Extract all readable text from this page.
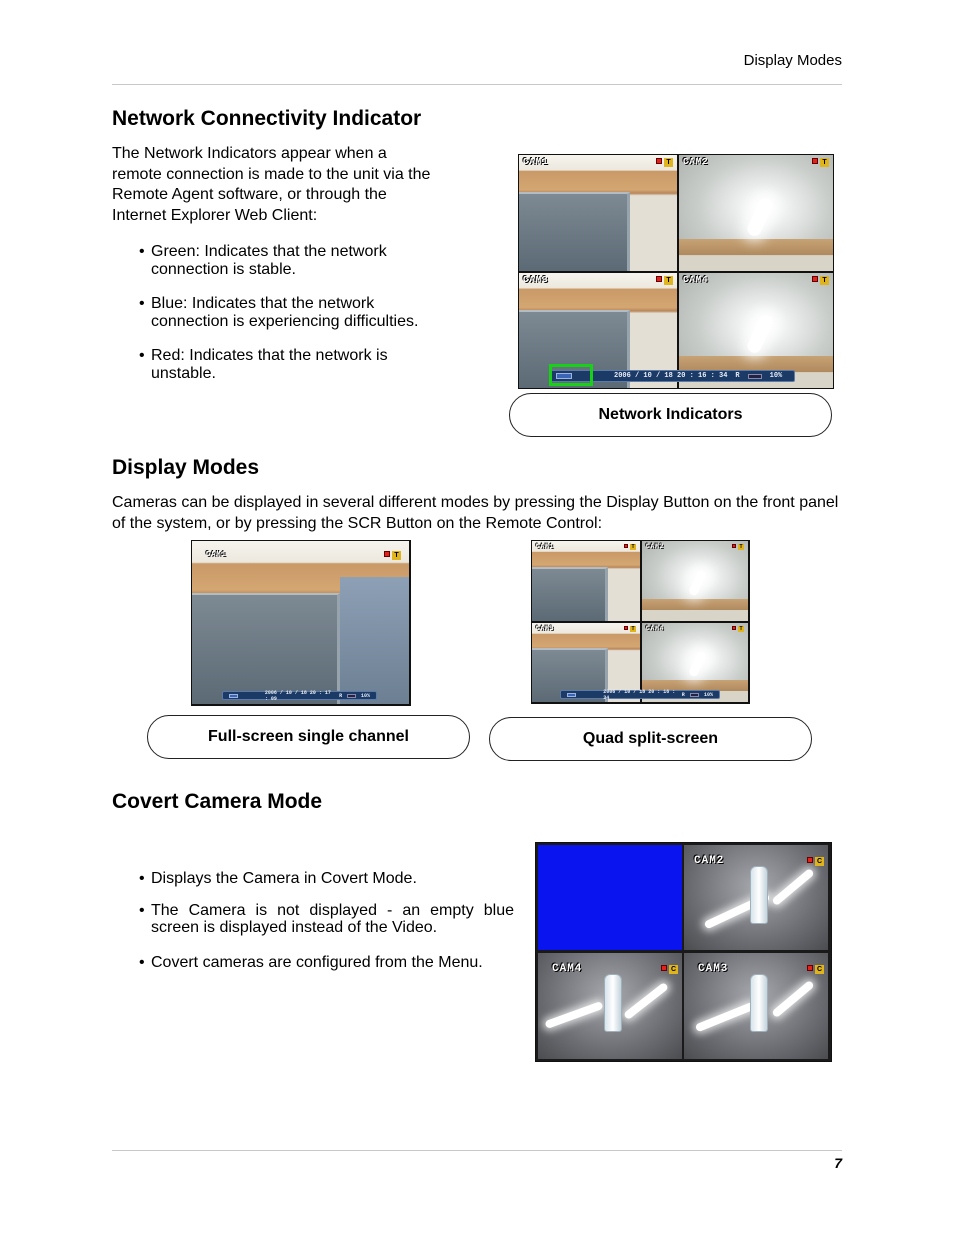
Display Modes
Network Connectivity Indicator

The Network Indicators appear when a remote connection is made to the unit via the Remote Agent software, or through the Internet Explorer Web Client:

• Green: Indicates that the network connection is stable.
• Blue: Indicates that the network connection is experiencing difficulties.
• Red: Indicates that the network is unstable.
CAM1	T CAM2	T
CAM3	T CAM4	T
2006 / 10 / 18 20 : 16 : 34 R	10%
Network Indicators
Display Modes

Cameras can be displayed in several different modes by pressing the Display Button on the front panel of the system, or by pressing the SCR Button on the Remote Control:

CAM1	T
2006 / 10 / 18 20 : 17 : 09	R	10%
Full-screen single channel
CAM1	T CAM2	T
CAM3	T CAM4	T
2006 / 10 / 18 20 : 16 : 34	R	10%
Quad split-screen
Covert Camera Mode
• Displays the Camera in Covert Mode.
• The Camera is not displayed - an empty blue screen is displayed instead of the Video.
• Covert cameras are configured from the Menu.
CAM2	C
CAM4	C CAM3	C
7
